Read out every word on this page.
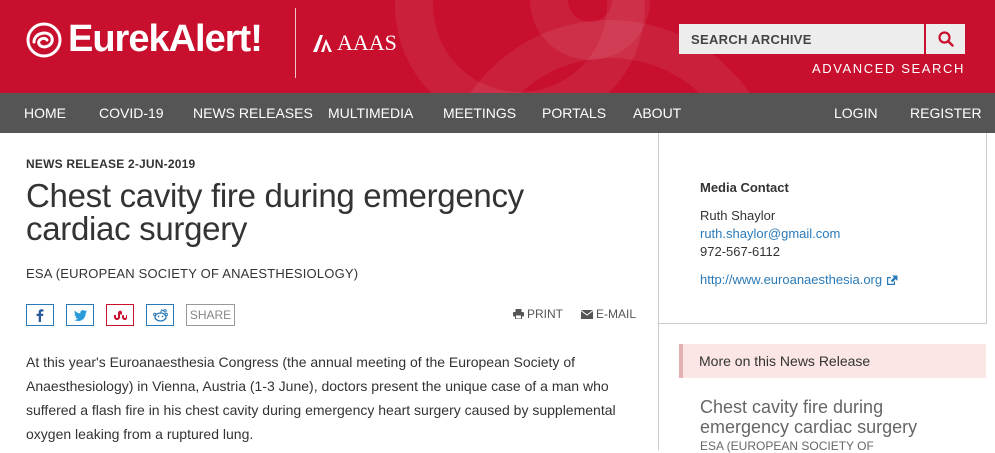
EurekAlert!	AAAS
SEARCH ARCHIVE
ADVANCED SEARCH
HOME COVID-19 NEWS RELEASES MULTIMEDIA MEETINGS PORTALS ABOUT	LOGIN REGISTER
NEWS RELEASE 2-JUN-2019
Chest cavity fire during emergency cardiac surgery
ESA (EUROPEAN SOCIETY OF ANAESTHESIOLOGY)
SHARE	PRINT	E-MAIL

At this year's Euroanaesthesia Congress (the annual meeting of the European Society of Anaesthesiology) in Vienna, Austria (1-3 June), doctors present the unique case of a man who suffered a flash fire in his chest cavity during emergency heart surgery caused by supplemental oxygen leaking from a ruptured lung.

Media Contact
Ruth Shaylor
ruth.shaylor@gmail.com
972-567-6112
http://www.euroanaesthesia.org
More on this News Release
Chest cavity fire during emergency cardiac surgery
ESA (EUROPEAN SOCIETY OF
